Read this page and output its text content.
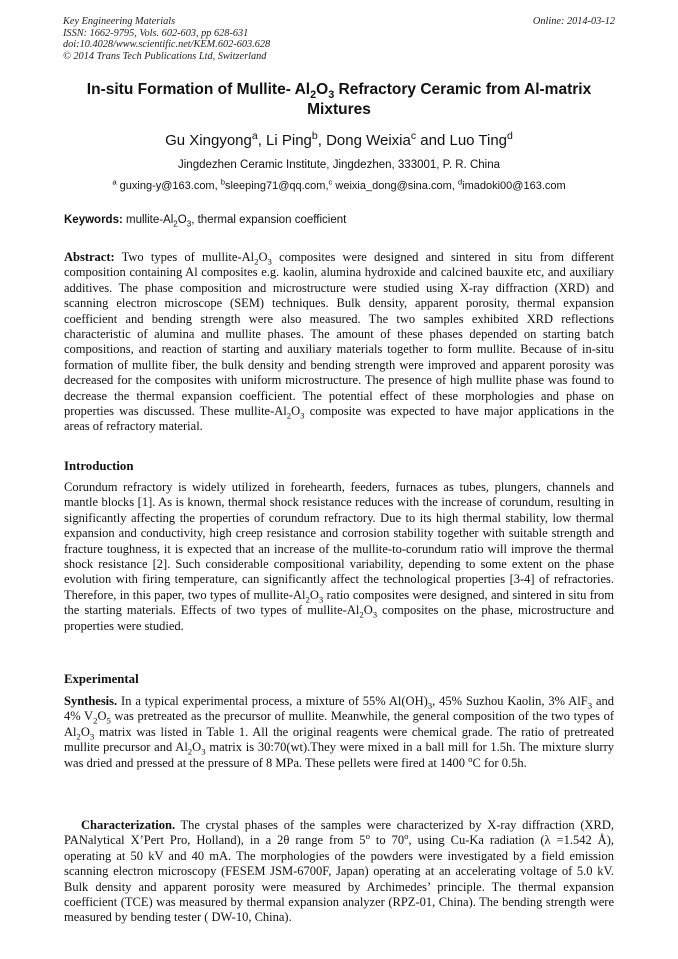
Key Engineering Materials
ISSN: 1662-9795, Vols. 602-603, pp 628-631
doi:10.4028/www.scientific.net/KEM.602-603.628
© 2014 Trans Tech Publications Ltd, Switzerland
Online: 2014-03-12
In-situ Formation of Mullite- $Al_2O_3$ Refractory Ceramic from Al-matrix Mixtures
Gu Xingyong$^a$, Li Ping$^b$, Dong Weixia$^c$ and Luo Ting$^d$
Jingdezhen Ceramic Institute, Jingdezhen, 333001, P. R. China
$^a$ guxing-y@163.com, $^b$sleeping71@qq.com,$^c$ weixia_dong@sina.com, $^d$imadoki00@163.com
Keywords: mullite-$Al_2O_3$, thermal expansion coefficient
Abstract: Two types of mullite-$Al_2O_3$ composites were designed and sintered in situ from different composition containing Al composites e.g. kaolin, alumina hydroxide and calcined bauxite etc, and auxiliary additives. The phase composition and microstructure were studied using X-ray diffraction (XRD) and scanning electron microscope (SEM) techniques. Bulk density, apparent porosity, thermal expansion coefficient and bending strength were also measured. The two samples exhibited XRD reflections characteristic of alumina and mullite phases. The amount of these phases depended on starting batch compositions, and reaction of starting and auxiliary materials together to form mullite. Because of in-situ formation of mullite fiber, the bulk density and bending strength were improved and apparent porosity was decreased for the composites with uniform microstructure. The presence of high mullite phase was found to decrease the thermal expansion coefficient. The potential effect of these morphologies and phase on properties was discussed. These mullite-$Al_2O_3$ composite was expected to have major applications in the areas of refractory material.
Introduction
Corundum refractory is widely utilized in forehearth, feeders, furnaces as tubes, plungers, channels and mantle blocks [1]. As is known, thermal shock resistance reduces with the increase of corundum, resulting in significantly affecting the properties of corundum refractory. Due to its high thermal stability, low thermal expansion and conductivity, high creep resistance and corrosion stability together with suitable strength and fracture toughness, it is expected that an increase of the mullite-to-corundum ratio will improve the thermal shock resistance [2]. Such considerable compositional variability, depending to some extent on the phase evolution with firing temperature, can significantly affect the technological properties [3-4] of refractories. Therefore, in this paper, two types of mullite-$Al_2O_3$ ratio composites were designed, and sintered in situ from the starting materials. Effects of two types of mullite-$Al_2O_3$ composites on the phase, microstructure and properties were studied.
Experimental
Synthesis. In a typical experimental process, a mixture of 55% $Al(OH)_3$, 45% Suzhou Kaolin, 3% AlF$_3$ and 4% $V_2O_5$ was pretreated as the precursor of mullite. Meanwhile, the general composition of the two types of $Al_2O_3$ matrix was listed in Table 1. All the original reagents were chemical grade. The ratio of pretreated mullite precursor and $Al_2O_3$ matrix is 30:70(wt).They were mixed in a ball mill for 1.5h. The mixture slurry was dried and pressed at the pressure of 8 MPa. These pellets were fired at 1400 $^o$C for 0.5h.
Characterization. The crystal phases of the samples were characterized by X-ray diffraction (XRD, PANalytical X’Pert Pro, Holland), in a 2θ range from 5$^o$ to 70$^o$, using Cu-Ka radiation (λ =1.542 Å), operating at 50 kV and 40 mA. The morphologies of the powders were investigated by a field emission scanning electron microscopy (FESEM JSM-6700F, Japan) operating at an accelerating voltage of 5.0 kV. Bulk density and apparent porosity were measured by Archimedes’ principle. The thermal expansion coefficient (TCE) was measured by thermal expansion analyzer (RPZ-01, China). The bending strength were measured by bending tester ( DW-10, China).
